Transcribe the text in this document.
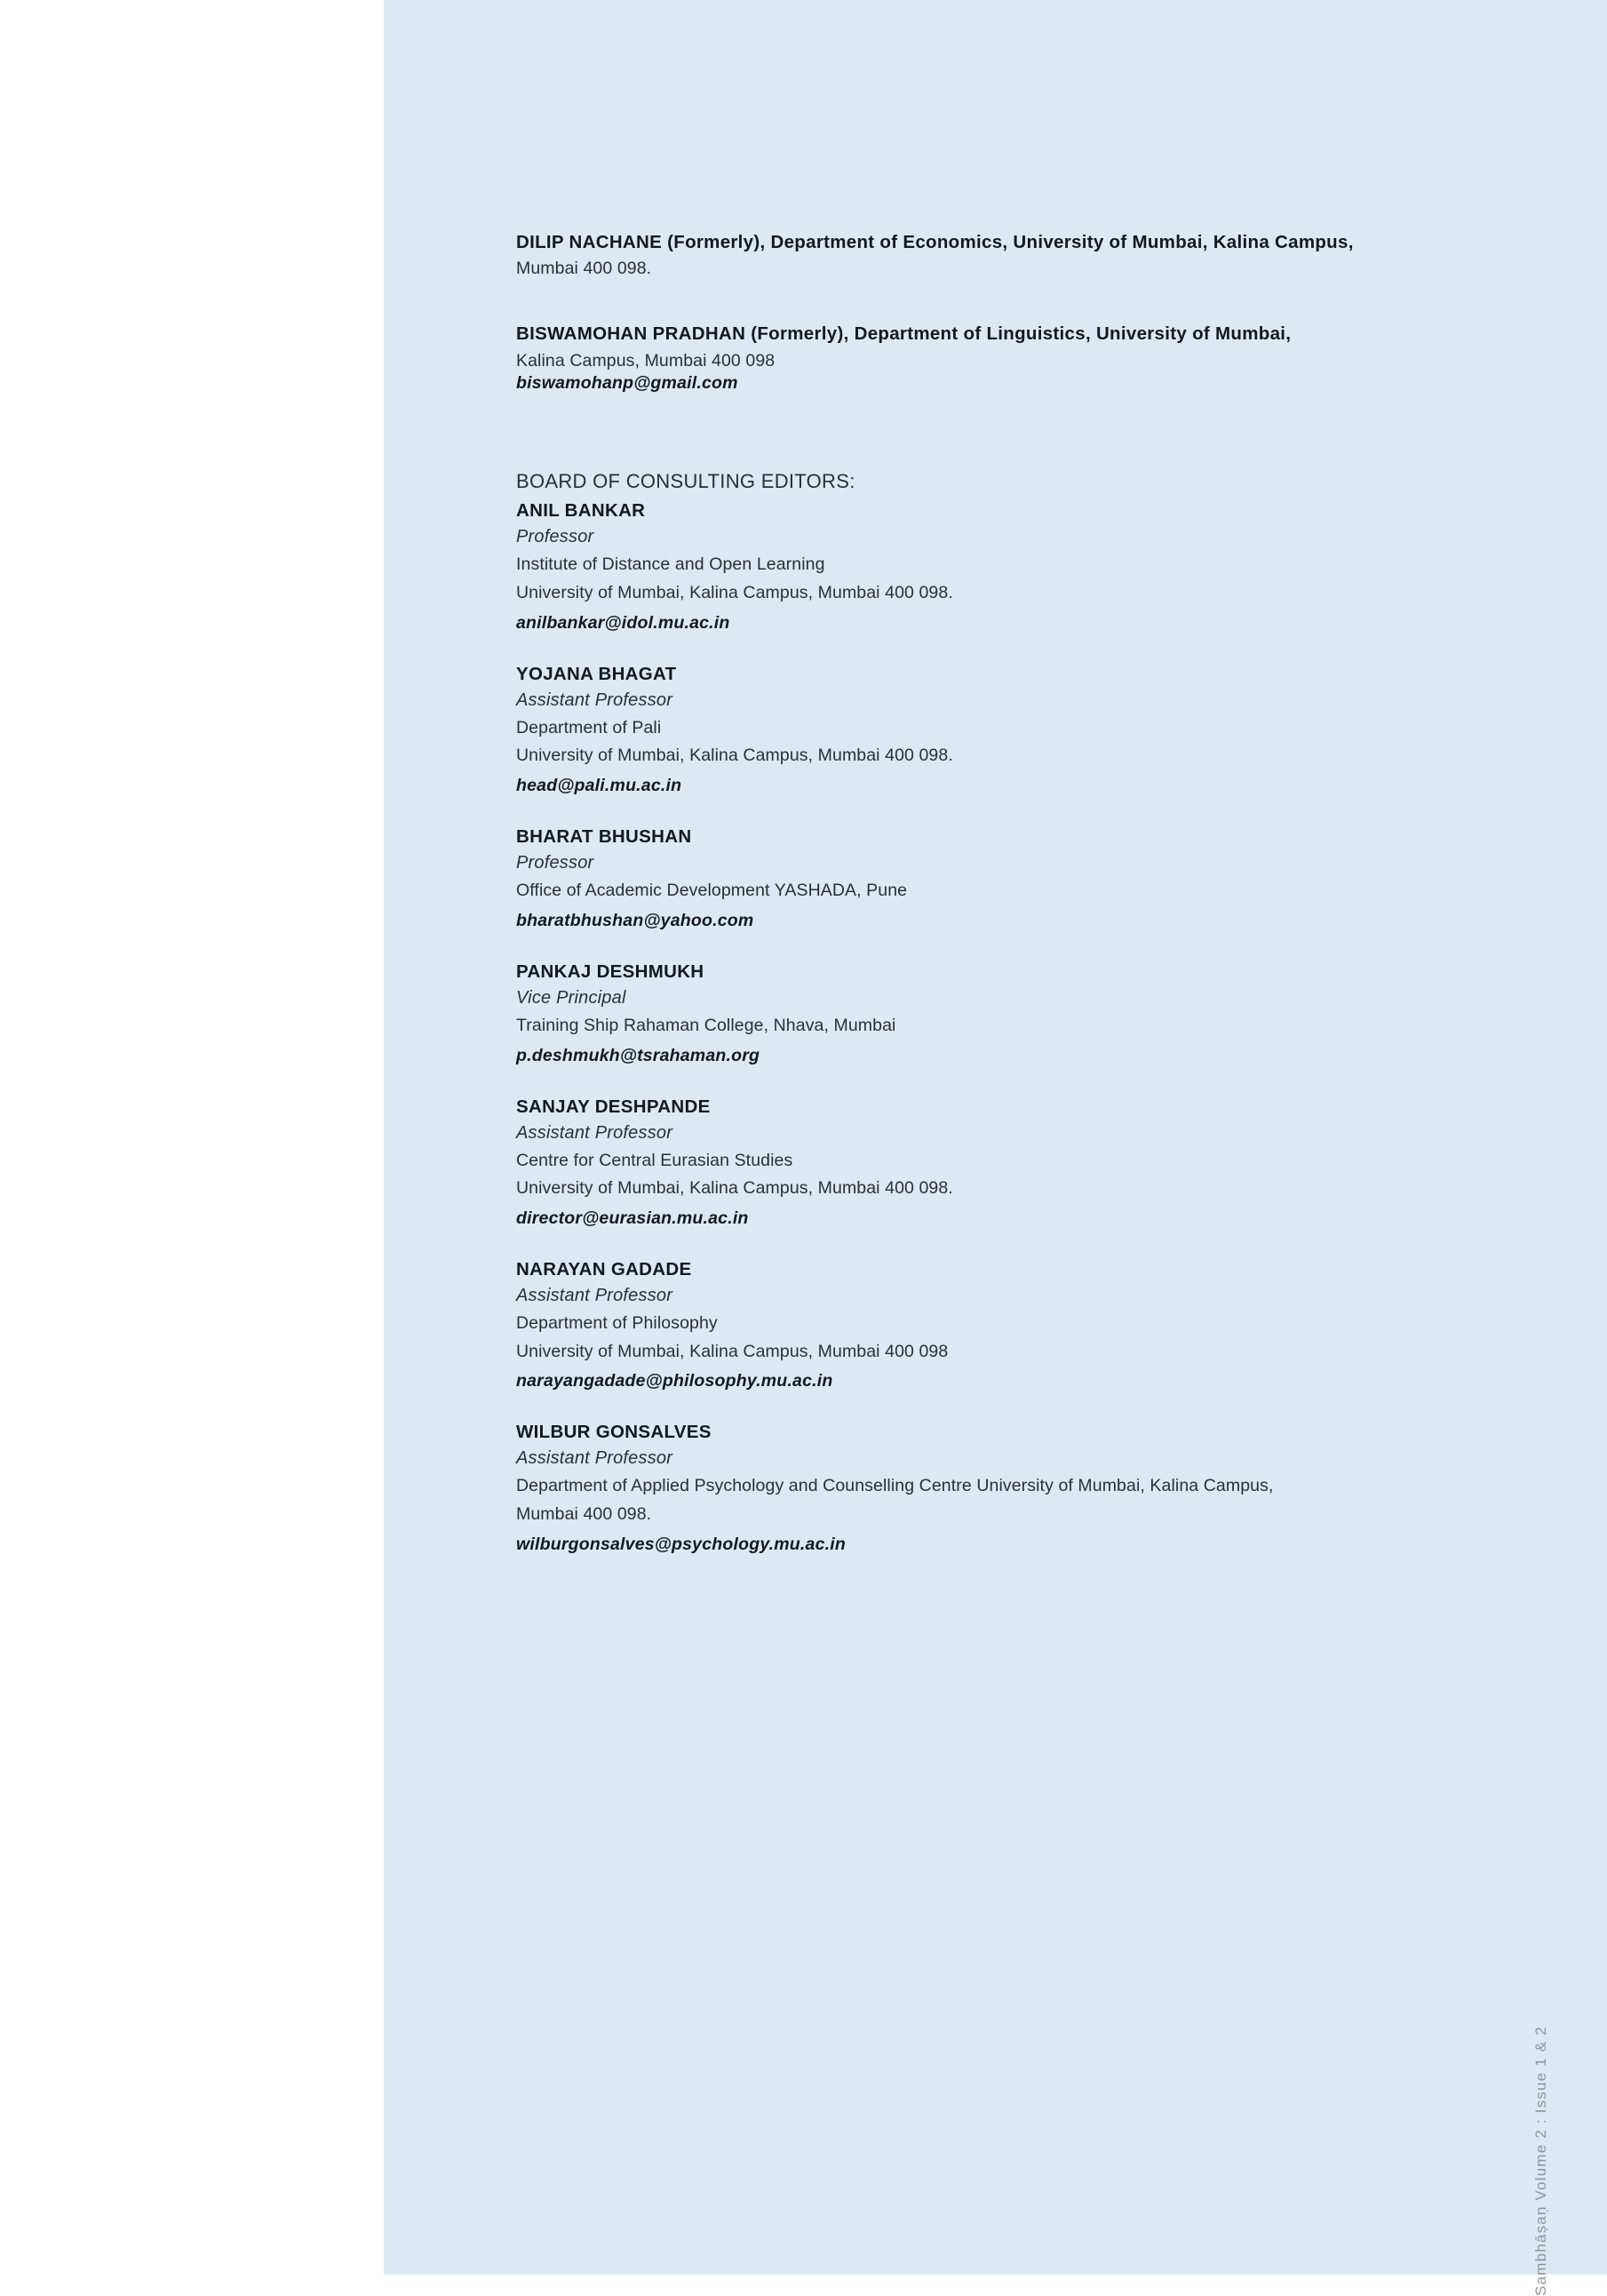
DILIP NACHANE (Formerly), Department of Economics, University of Mumbai, Kalina Campus,
Mumbai 400 098.
BISWAMOHAN PRADHAN (Formerly), Department of Linguistics, University of Mumbai,
Kalina Campus, Mumbai 400 098
biswamohanp@gmail.com
BOARD OF CONSULTING EDITORS:
ANIL BANKAR
Professor
Institute of Distance and Open Learning
University of Mumbai, Kalina Campus, Mumbai 400 098.
anilbankar@idol.mu.ac.in
YOJANA BHAGAT
Assistant Professor
Department of Pali
University of Mumbai, Kalina Campus, Mumbai 400 098.
head@pali.mu.ac.in
BHARAT BHUSHAN
Professor
Office of Academic Development YASHADA, Pune
bharatbhushan@yahoo.com
PANKAJ DESHMUKH
Vice Principal
Training Ship Rahaman College, Nhava, Mumbai
p.deshmukh@tsrahaman.org
SANJAY DESHPANDE
Assistant Professor
Centre for Central Eurasian Studies
University of Mumbai, Kalina Campus, Mumbai 400 098.
director@eurasian.mu.ac.in
NARAYAN GADADE
Assistant Professor
Department of Philosophy
University of Mumbai, Kalina Campus, Mumbai 400 098
narayangadade@philosophy.mu.ac.in
WILBUR GONSALVES
Assistant Professor
Department of Applied Psychology and Counselling Centre University of Mumbai, Kalina Campus,
Mumbai 400 098.
wilburgonsalves@psychology.mu.ac.in
Sambhāṣaṇ Volume 2 : Issue 1 & 2
